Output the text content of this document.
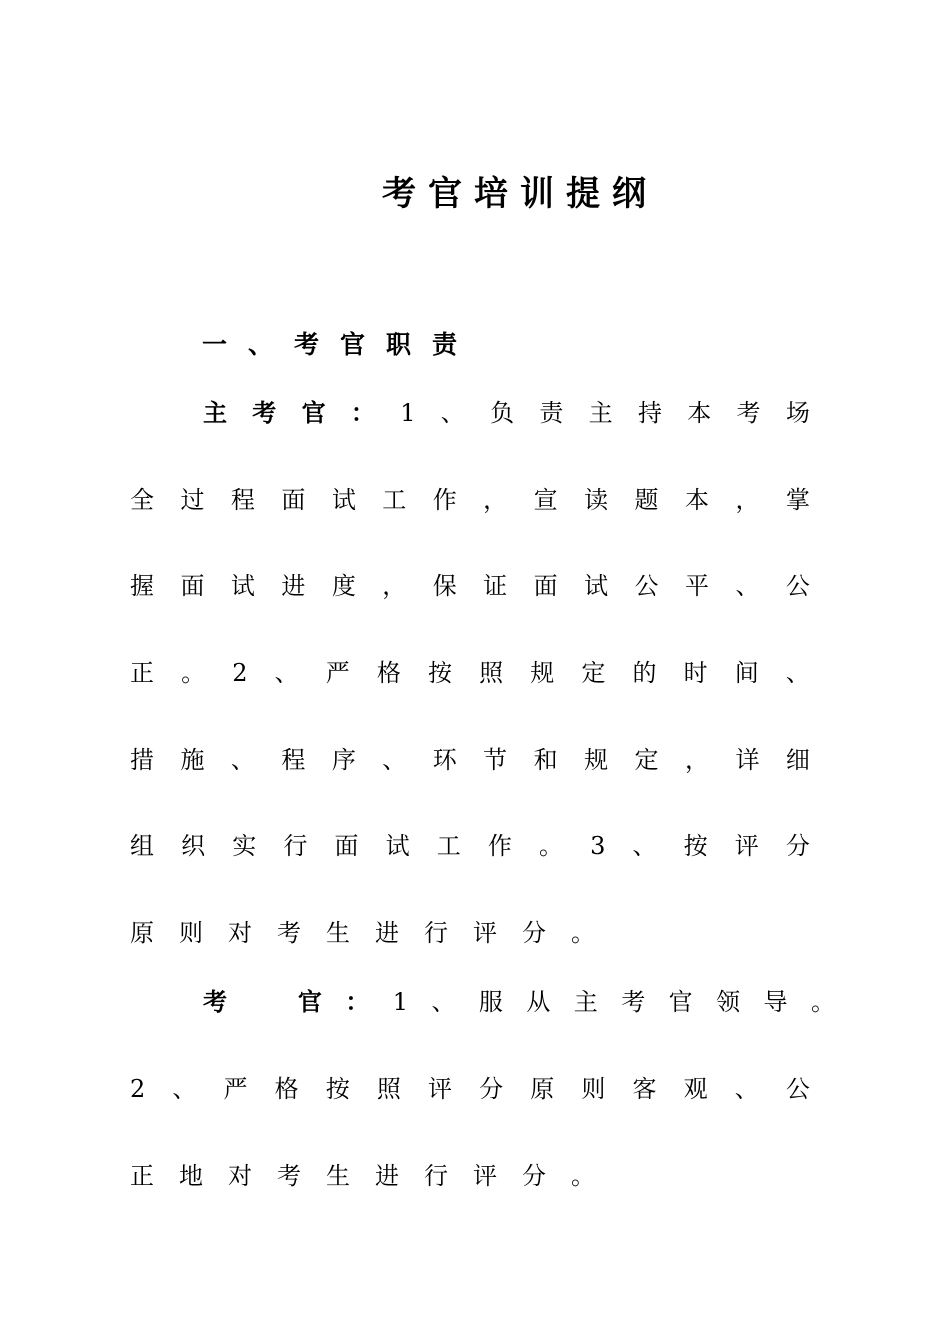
考官培训提纲
一、考官职责

主 考 官 ： 1 、 负 责 主 持 本 考 场

全 过 程 面 试 工 作 ， 宣 读 题 本 ， 掌

握 面 试 进 度 ， 保 证 面 试 公 平 、 公

正 。 2 、 严 格 按 照 规 定 的 时 间 、

措 施 、 程 序 、 环 节 和 规 定 ， 详 细

组 织 实 行 面 试 工 作 。 3 、 按 评 分

原 则 对 考 生 进 行 评 分 。

考
　	官 ： 1 、 服 从 主 考 官 领 导 。

2 、 严 格 按 照 评 分 原 则 客 观 、 公

正 地 对 考 生 进 行 评 分 。
